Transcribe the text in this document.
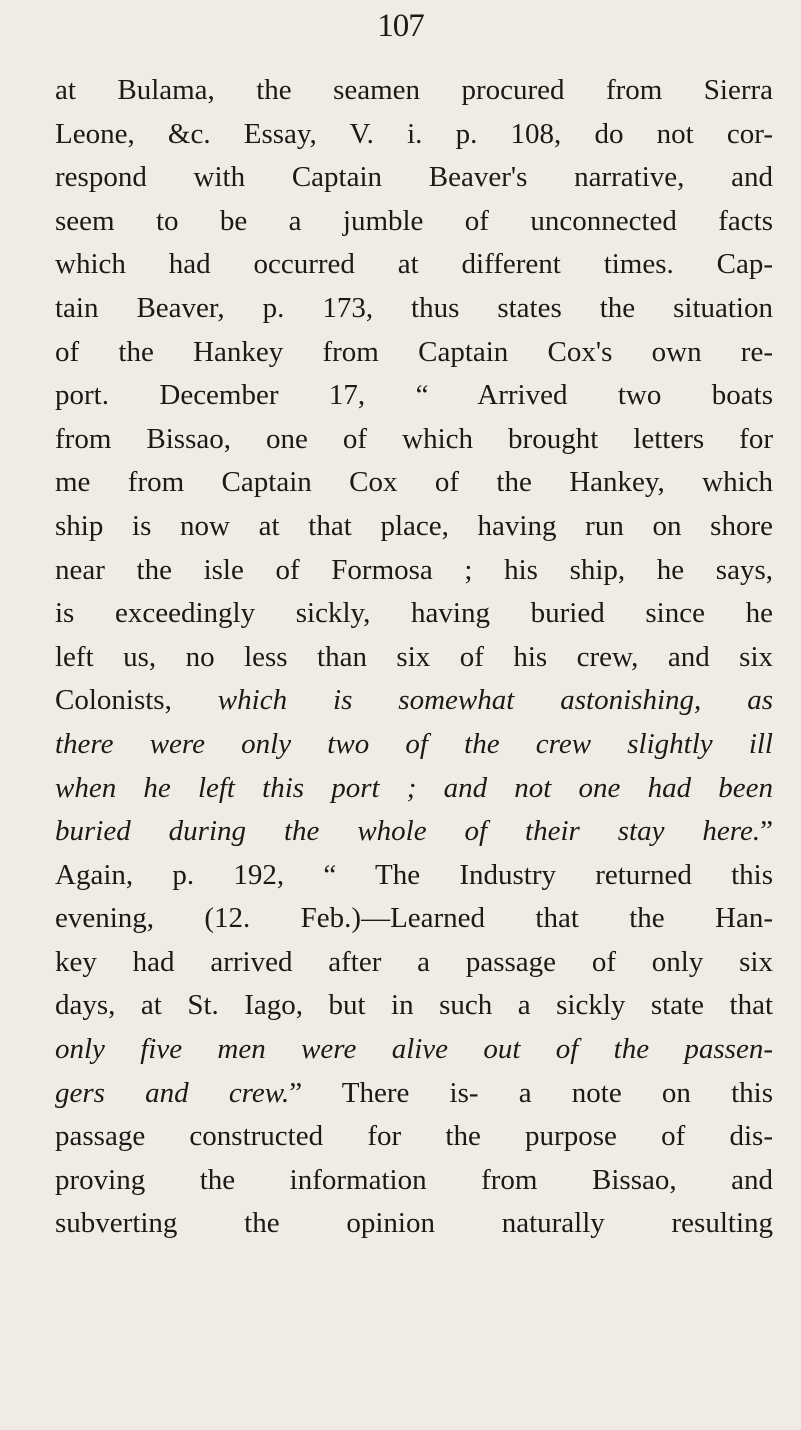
107
at Bulama, the seamen procured from Sierra
Leone, &c. Essay, V. i. p. 108, do not cor-
respond with Captain Beaver's narrative, and
seem to be a jumble of unconnected facts
which had occurred at different times. Cap-
tain Beaver, p. 173, thus states the situation
of the Hankey from Captain Cox's own re-
port. December 17, “ Arrived two boats
from Bissao, one of which brought letters for
me from Captain Cox of the Hankey, which
ship is now at that place, having run on shore
near the isle of Formosa ; his ship, he says,
is exceedingly sickly, having buried since he
left us, no less than six of his crew, and six
Colonists, which is somewhat astonishing, as
there were only two of the crew slightly ill
when he left this port ; and not one had been
buried during the whole of their stay here.”
Again, p. 192, “ The Industry returned this
evening, (12. Feb.)—Learned that the Han-
key had arrived after a passage of only six
days, at St. Iago, but in such a sickly state that
only five men were alive out of the passen-
gers and crew.” There is- a note on this
passage constructed for the purpose of dis-
proving the information from Bissao, and
subverting the opinion naturally resulting
